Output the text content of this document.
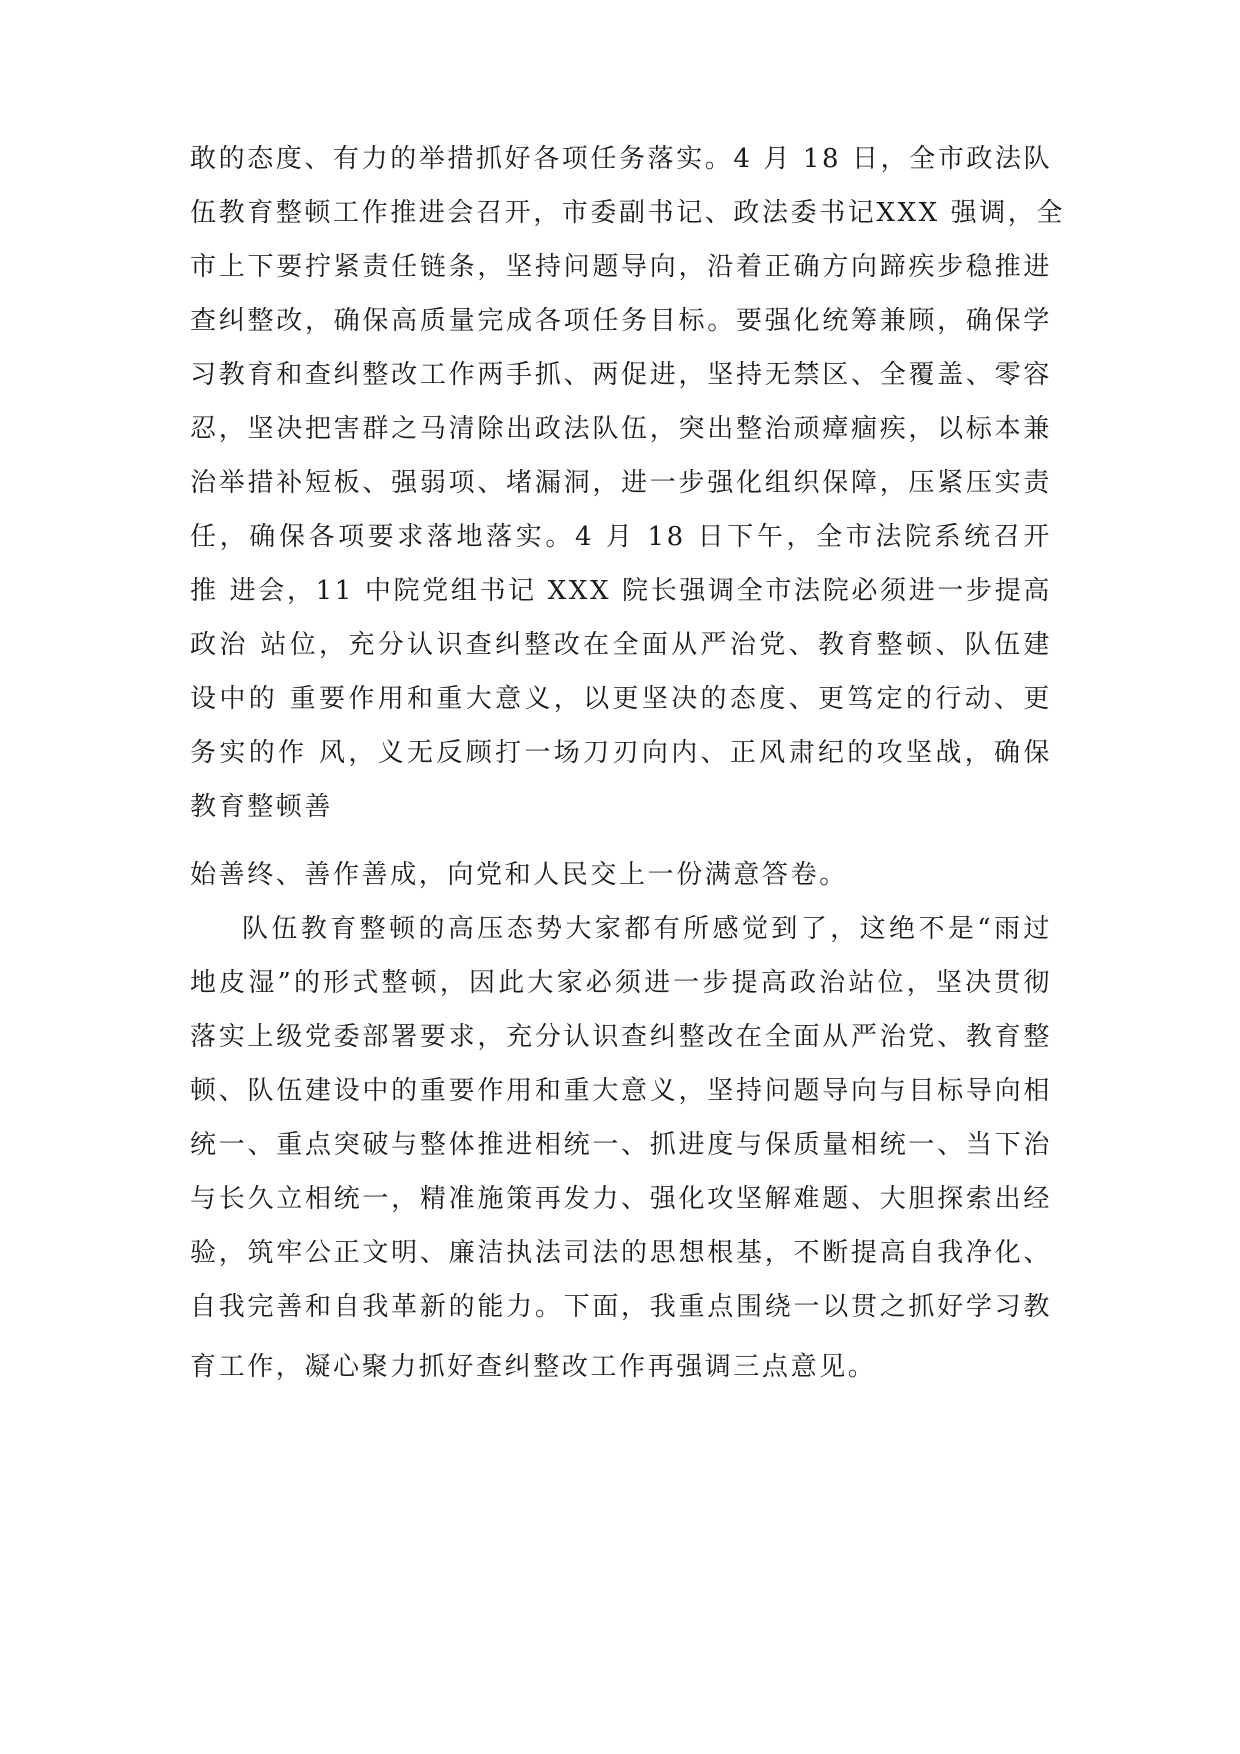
敢的态度、有力的举措抓好各项任务落实。4 月 18 日，全市政法队
伍教育整顿工作推进会召开，市委副书记、政法委书记XXX 强调，全
市上下要拧紧责任链条，坚持问题导向，沿着正确方向蹄疾步稳推进
查纠整改，确保高质量完成各项任务目标。要强化统筹兼顾，确保学
习教育和查纠整改工作两手抓、两促进，坚持无禁区、全覆盖、零容
忍，坚决把害群之马清除出政法队伍，突出整治顽瘴痼疾，以标本兼
治举措补短板、强弱项、堵漏洞，进一步强化组织保障，压紧压实责
任，确保各项要求落地落实。4 月 18 日下午，全市法院系统召开
推 进会，11 中院党组书记 XXX 院长强调全市法院必须进一步提高
政治 站位，充分认识查纠整改在全面从严治党、教育整顿、队伍建
设中的 重要作用和重大意义，以更坚决的态度、更笃定的行动、更
务实的作 风，义无反顾打一场刀刃向内、正风肃纪的攻坚战，确保
教育整顿善
始善终、善作善成，向党和人民交上一份满意答卷。
队伍教育整顿的高压态势大家都有所感觉到了，这绝不是“雨过
地皮湿”的形式整顿，因此大家必须进一步提高政治站位，坚决贯彻
落实上级党委部署要求，充分认识查纠整改在全面从严治党、教育整
顿、队伍建设中的重要作用和重大意义，坚持问题导向与目标导向相
统一、重点突破与整体推进相统一、抓进度与保质量相统一、当下治
与长久立相统一，精准施策再发力、强化攻坚解难题、大胆探索出经
验，筑牢公正文明、廉洁执法司法的思想根基，不断提高自我净化、
自我完善和自我革新的能力。下面，我重点围绕一以贯之抓好学习教
育工作，凝心聚力抓好查纠整改工作再强调三点意见。
